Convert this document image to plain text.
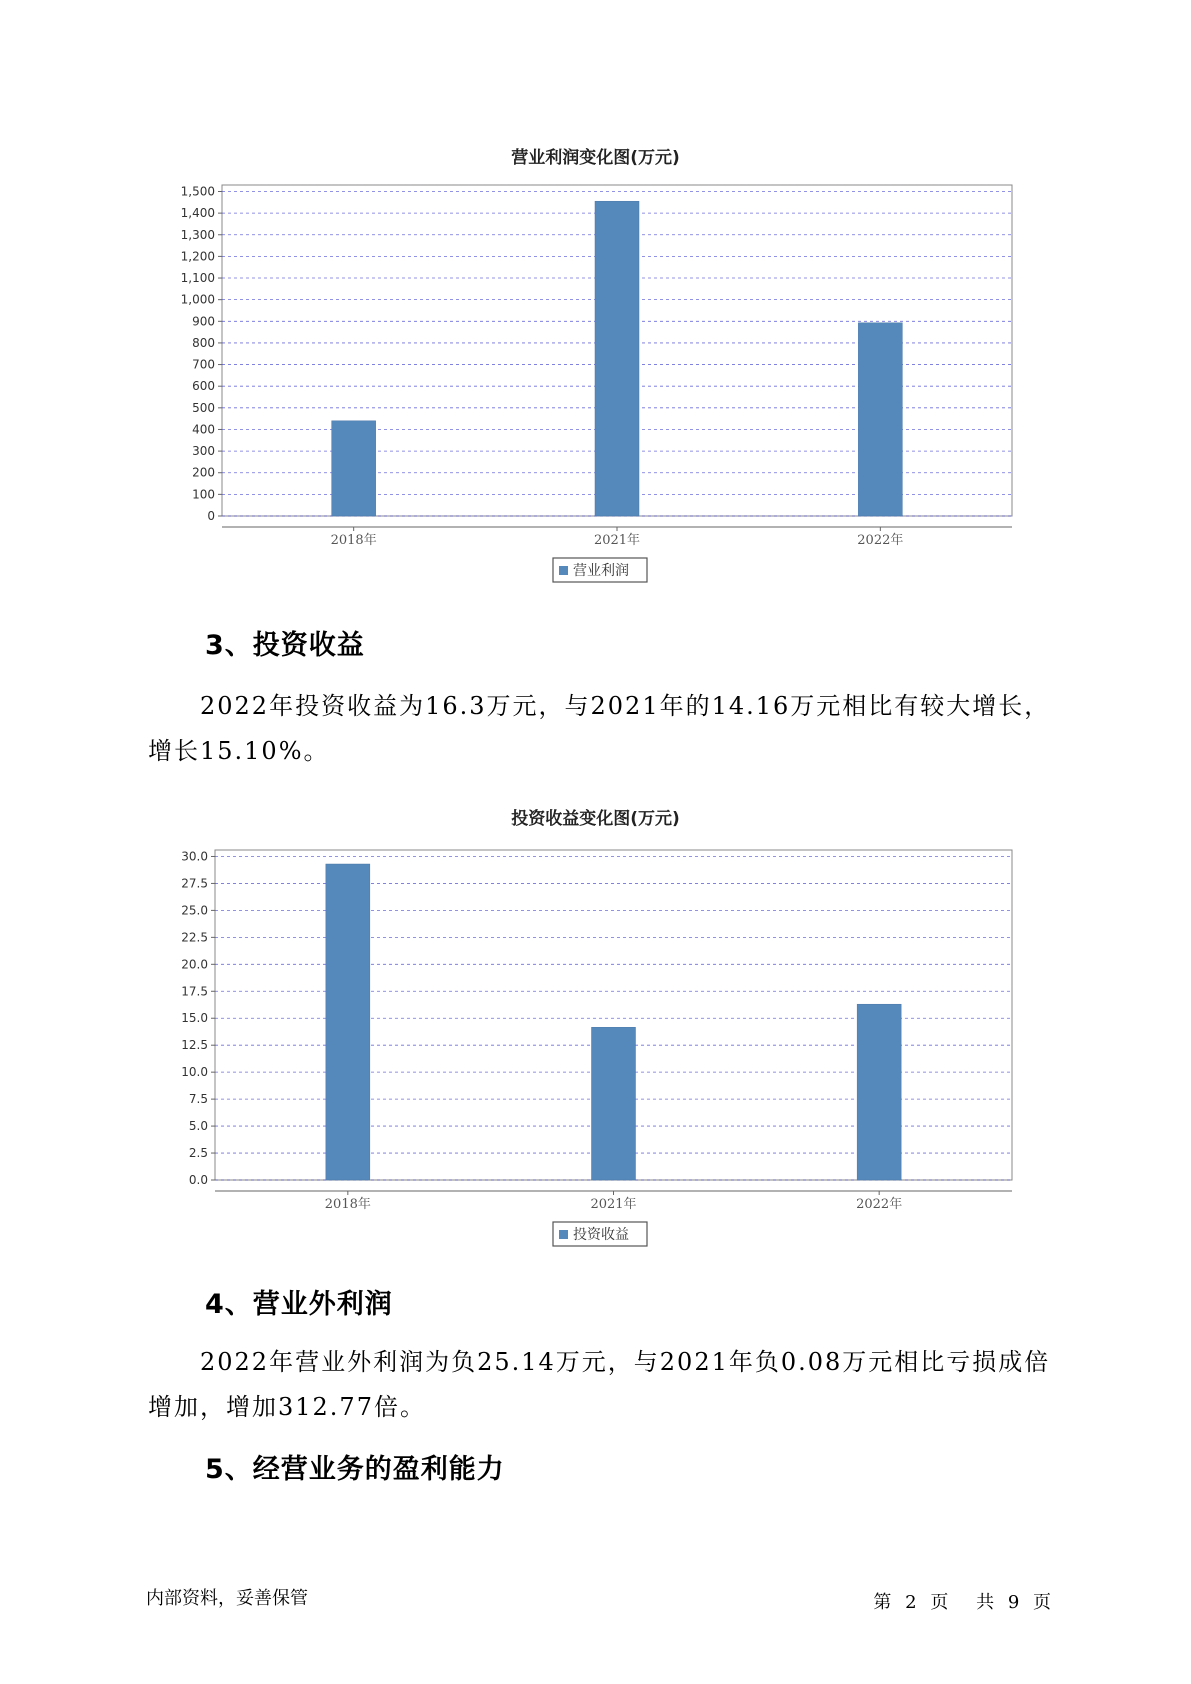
营业利润变化图(万元)
0
100
200
300
400
500
600
700
800
900
1,000
1,100
1,200
1,300
1,400
1,500
2018年	2021年	2022年
营业利润
3、投资收益
2022年投资收益为16.3万元，与2021年的14.16万元相比有较大增长，增长15.10%。
投资收益变化图(万元)
0.0
2.5
5.0
7.5
10.0
12.5
15.0
17.5
20.0
22.5
25.0
27.5
30.0
2018年	2021年	2022年
投资收益
4、营业外利润
2022年营业外利润为负25.14万元，与2021年负0.08万元相比亏损成倍增加，增加312.77倍。
5、经营业务的盈利能力
内部资料，妥善保管	第 2 页 共 9 页
